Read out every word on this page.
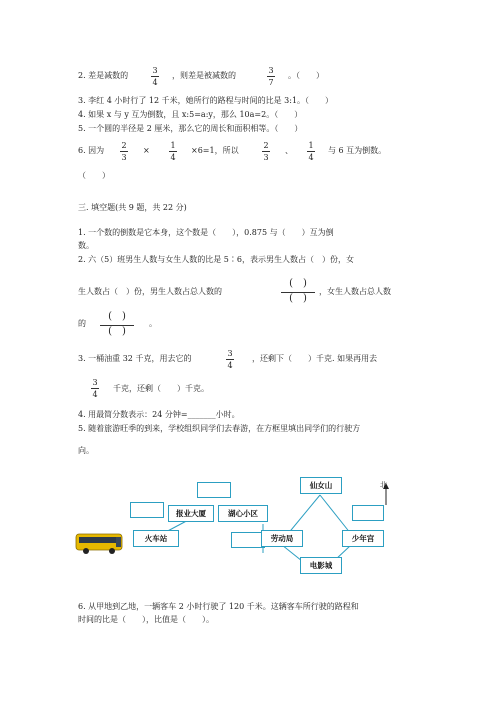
2. 差是减数的
3
4
，则差是被减数的
3
7
。（　　）
3. 李红 4 小时行了 12 千米，她所行的路程与时间的比是 3:1。（　　）
4. 如果 x 与 y 互为倒数，且 x:5=a:y，那么 10a=2。（　　）
5. 一个圆的半径是 2 厘米，那么它的周长和面积相等。（　　）
6. 因为
2
3
×
1
4
×6=1，所以
2
3
、
1
4
与 6 互为倒数。
（　　）
三. 填空题(共 9 题，共 22 分)
1. 一个数的倒数是它本身，这个数是（　　），0.875 与（　　）互为倒
数。
2. 六（5）班男生人数与女生人数的比是 5∶6，表示男生人数占（　）份，女
生人数占（　）份，男生人数占总人数的
(  )
(  )
，女生人数占总人数
的
(  )
(  )
。
3. 一桶油重 32 千克，用去它的
3
4
，还剩下（　　）千克. 如果再用去
3
4
千克，还剩（　　）千克。
4. 用最简分数表示：24 分钟=_______小时。
5. 随着旅游旺季的到来，学校组织同学们去春游，在方框里填出同学们的行驶方
向。
仙女山
报业大厦	湖心小区
火车站	劳动局	少年宫
电影城
北
6. 从甲地到乙地，一辆客车 2 小时行驶了 120 千米。这辆客车所行驶的路程和
时间的比是（　　），比值是（　　）。
